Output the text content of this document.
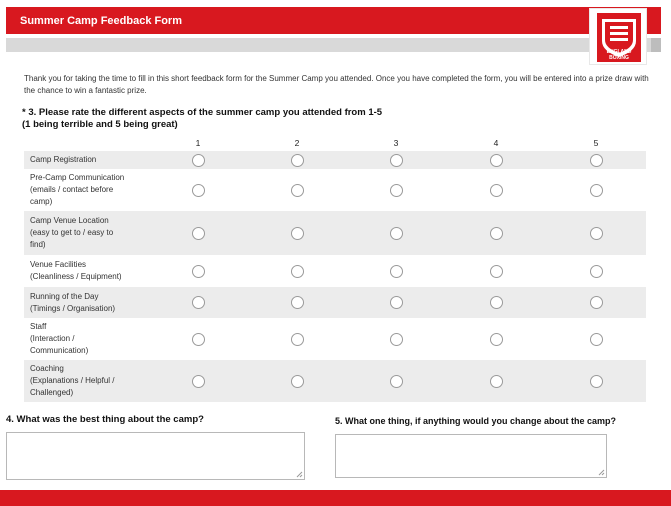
Summer Camp Feedback Form
ENGLAND
BOXING
Thank you for taking the time to fill in this short feedback form for the Summer Camp you attended. Once you have completed the form, you will be entered into a prize draw with the chance to win a fantastic prize.
* 3. Please rate the different aspects of the summer camp you attended from 1-5
(1 being terrible and 5 being great)
1	2	3	4	5
Camp Registration
Pre-Camp Communication
(emails / contact before
camp)
Camp Venue Location
(easy to get to / easy to
find)
Venue Facilities
(Cleanliness / Equipment)
Running of the Day
(Timings / Organisation)
Staff
(Interaction /
Communication)
Coaching
(Explanations / Helpful /
Challenged)
4. What was the best thing about the camp?	5. What one thing, if anything would you change about the camp?
